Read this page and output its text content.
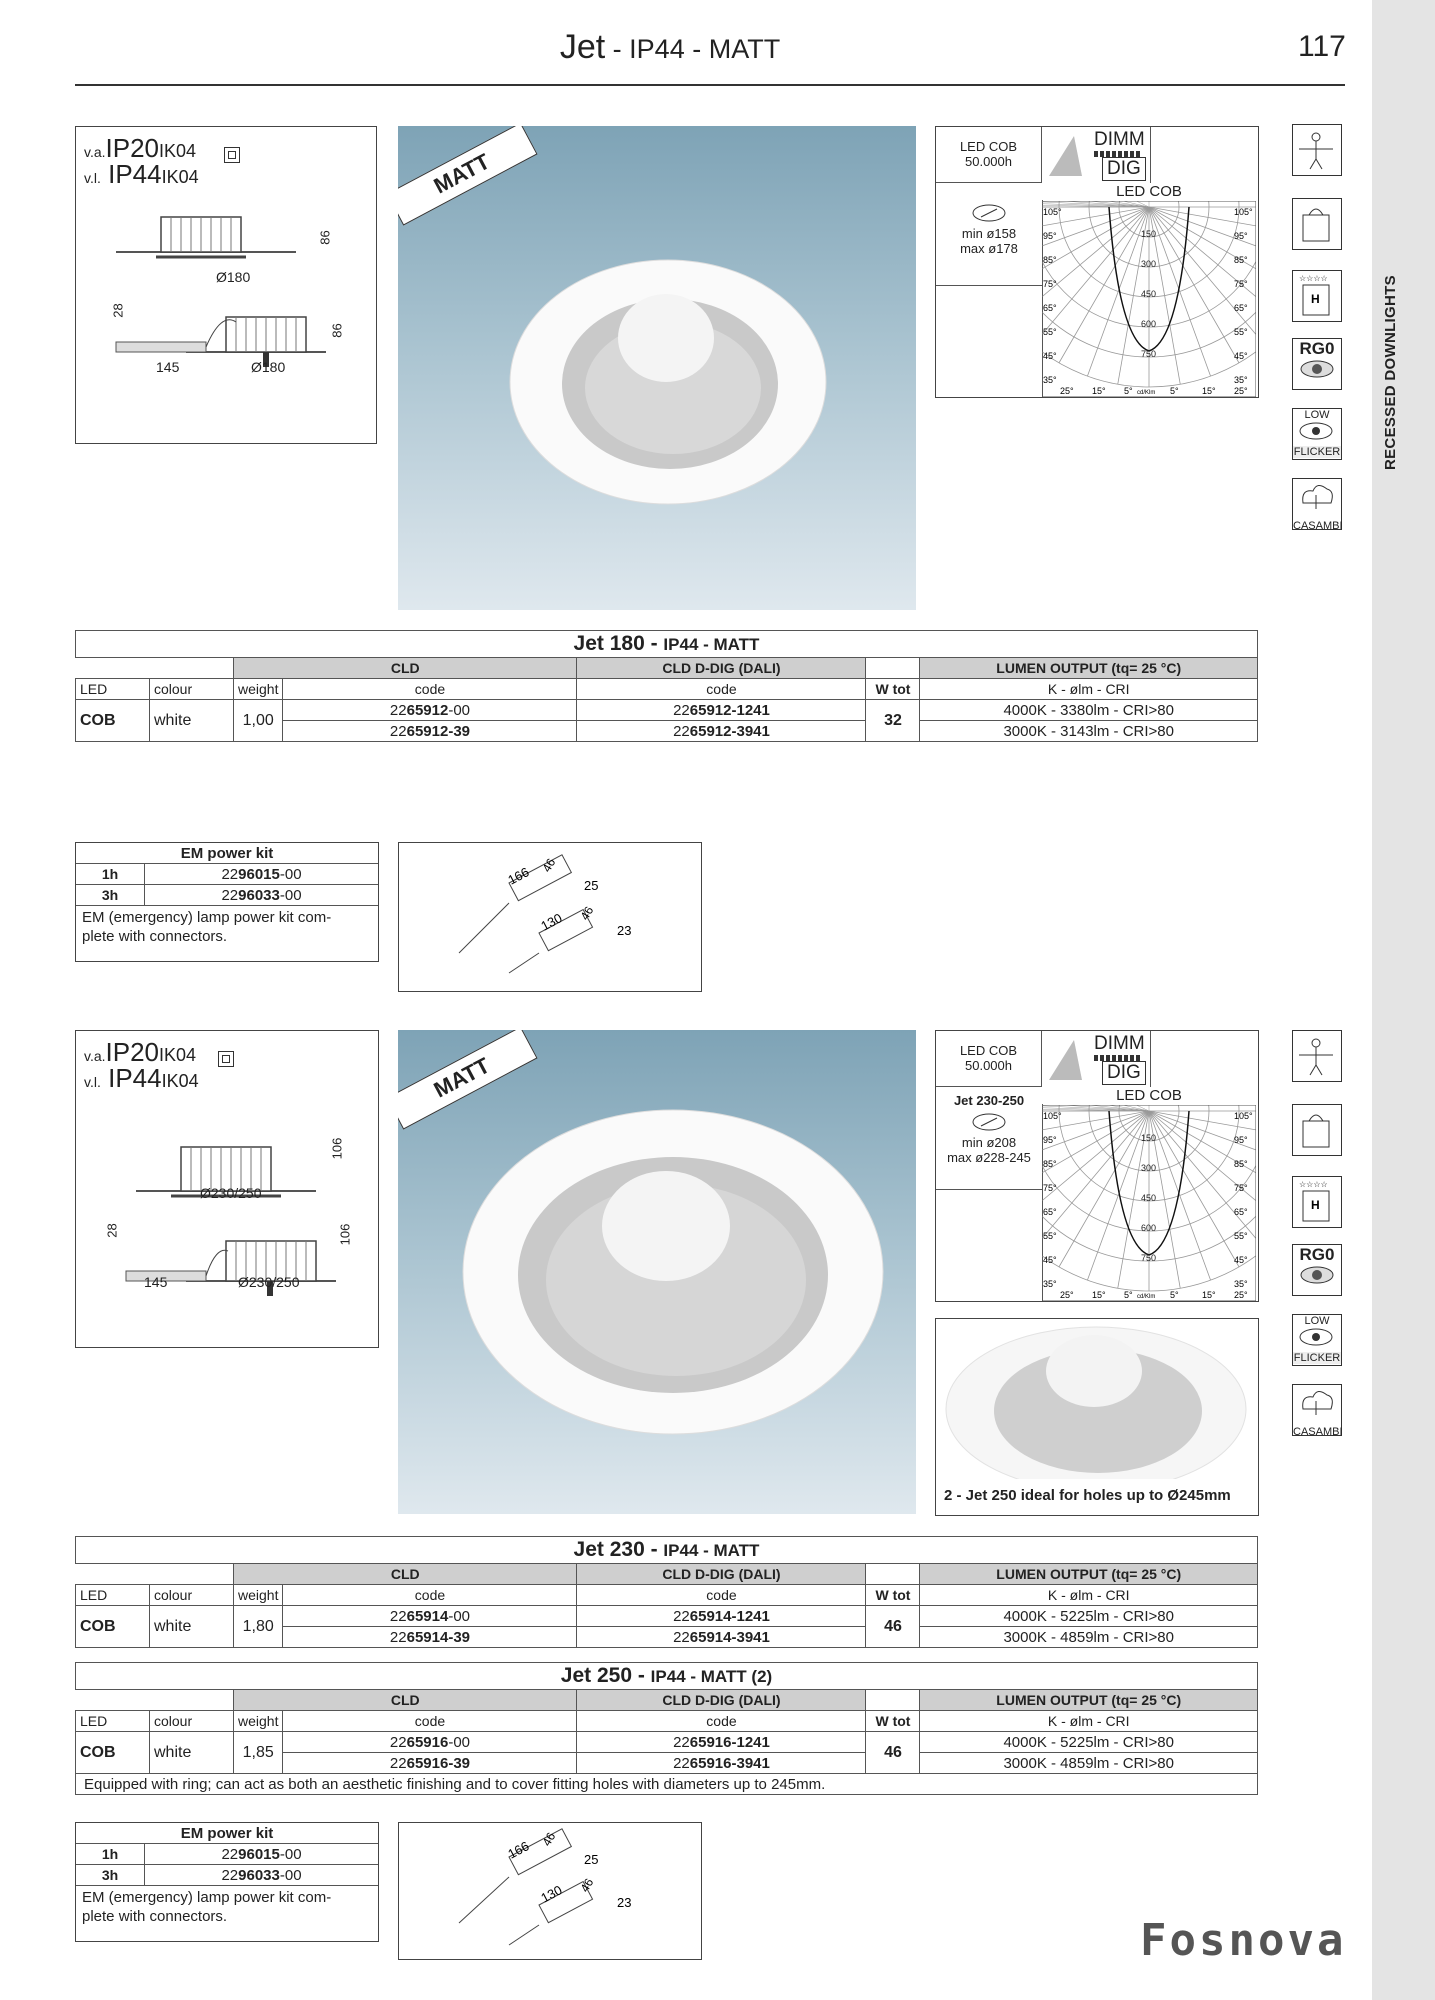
Jet - IP44 - MATT	117
RECESSED DOWNLIGHTS
v.a.IP20IK04
v.l. IP44IK04
86
Ø180
28
86
145	Ø180
MATT
LED COB
50.000h
DIMM
DIG
min ø158
max ø178
LED COB
105°	105°
95°	95°
85°	85°
75°	75°
65°	65°
55°	55°
45°	45°
35°	35°
150
300
450
600
750
25° 15° 5°	5°	15° 25°
cd/Klm
☆☆☆☆
H
RG0
LOW
FLICKER
CASAMBI
Jet 180 - IP44 - MATT						
		CLD		CLD D-DIG (DALI)		LUMEN OUTPUT (tq= 25 °C)
LED	colour	weight	code	code	W tot	K - ølm - CRI
COB	white	1,00	2265912-00	2265912-1241	32	4000K - 3380lm - CRI>80
			2265912-39	2265912-3941		3000K - 3143lm - CRI>80
EM power kit	
1h	2296015-00
3h	2296033-00
EM (emergency) lamp power kit com-
plete with connectors.
166 46
25
130 46
23
v.a.IP20IK04
v.l. IP44IK04
106
Ø230/250
28	106
145	Ø230/250
MATT
LED COB
50.000h
DIMM
DIG
Jet 230-250
min ø208
max ø228-245
LED COB
105°	105°
95°	95°
85°	85°
75°	75°
65°	65°
55°	55°
45°	45°
35°	35°
150
300
450
600
750
25° 15° 5°	5°	15° 25°
cd/Klm
2 - Jet 250 ideal for holes up to Ø245mm
☆☆☆☆
H
RG0
LOW
FLICKER
CASAMBI
Jet 230 - IP44 - MATT						
		CLD		CLD D-DIG (DALI)		LUMEN OUTPUT (tq= 25 °C)
LED	colour	weight	code	code	W tot	K - ølm - CRI
COB	white	1,80	2265914-00	2265914-1241	46	4000K - 5225lm - CRI>80
			2265914-39	2265914-3941		3000K - 4859lm - CRI>80
Jet 250 - IP44 - MATT (2)						
		CLD		CLD D-DIG (DALI)		LUMEN OUTPUT (tq= 25 °C)
LED	colour	weight	code	code	W tot	K - ølm - CRI
COB	white	1,85	2265916-00	2265916-1241	46	4000K - 5225lm - CRI>80
			2265916-39	2265916-3941		3000K - 4859lm - CRI>80
Equipped with ring; can act as both an aesthetic finishing and to cover fitting holes with diameters up to 245mm.						
EM power kit	
1h	2296015-00
3h	2296033-00
EM (emergency) lamp power kit com-
plete with connectors.
166 46
25
130 46
23
Fosnova
